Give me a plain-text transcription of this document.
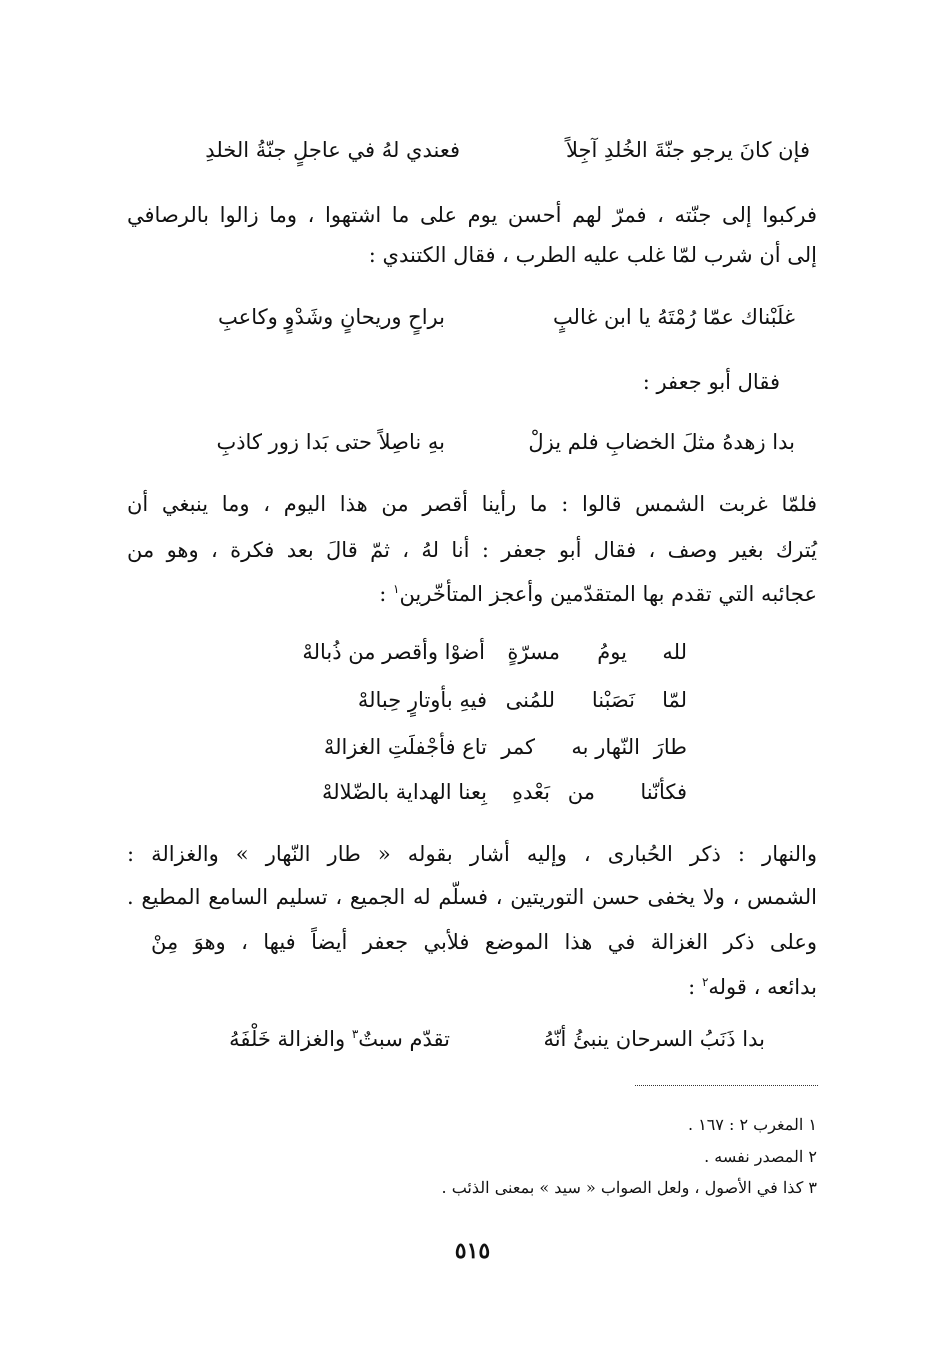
فإن كانَ يرجو جنّةَ الخُلدِ آجِلاً
فعندي لهُ في عاجلٍ جنّةُ الخلدِ
فركبوا إلى جنّته ، فمرّ لهم أحسن يوم على ما اشتهوا ، وما زالوا بالرصافي
إلى أن شرب لمّا غلب عليه الطرب ، فقال الكتندي :
غلَبْناك عمّا رُمْتَهُ يا ابن غالبٍ
براحٍ وريحانٍ وشَدْوٍ وكاعبِ
فقال أبو جعفر :
بدا زهدهُ مثلَ الخضابِ فلم يزلْ
بهِ ناصِلاً حتى بَدا زور كاذبِ
فلمّا غربت الشمس قالوا : ما رأينا أقصر من هذا اليوم ، وما ينبغي أن
يُترك بغير وصف ، فقال أبو جعفر : أنا لهُ ، ثمّ قالَ بعد فكرة ، وهو من
عجائبه التي تقدم بها المتقدّمين وأعجز المتأخّرين$^١$ :
لله
يومُ
مسرّةٍ
أضوْا وأقصر من ذُبالهْ
لمّا
نَصَبْنا
للمُنى
فيهِ بأوتارٍ حِبالهْ
طارَ
النّهار به
كمر
تاع فأجْفلَتِ الغزالهْ
فكأنّنا
من
بَعْدهِ
بِعنا الهداية بالضّلالهْ
والنهار : ذكر الحُبارى ، وإليه أشار بقوله « طار النّهار » والغزالة :
الشمس ، ولا يخفى حسن التوريتين ، فسلّم له الجميع ، تسليم السامع المطيع .
وعلى ذكر الغزالة في هذا الموضع فلأبي جعفر أيضاً فيها ، وهوَ مِنْ
بدائعه ، قوله$^٢$ :
بدا ذَنَبُ السرحان ينبئُ أنّهُ
تقدّم سبتٌ$^٣$ والغزالة خَلْفَهُ
١ المغرب ٢ : ١٦٧ .
٢ المصدر نفسه .
٣ كذا في الأصول ، ولعل الصواب « سيد » بمعنى الذئب .
٥١٥
